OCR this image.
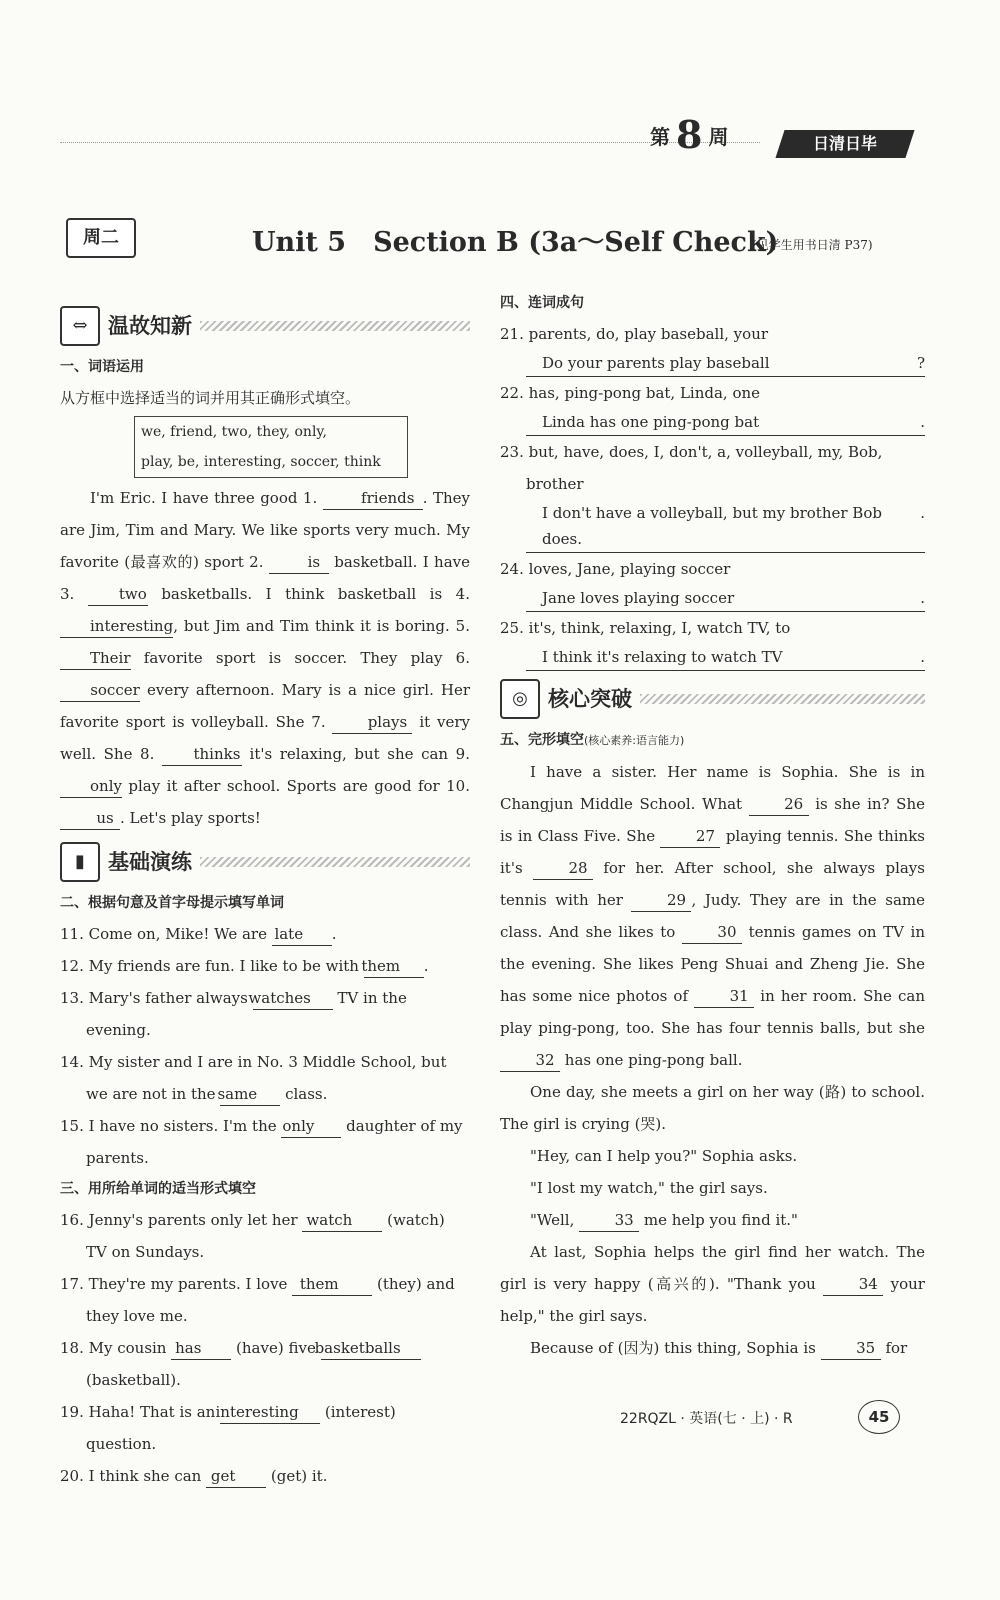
第 8 周	日清日毕
周二	Unit 5　Section B (3a～Self Check)
(见学生用书日清 P37)
⇔ 温故知新
一、词语运用

从方框中选择适当的词并用其正确形式填空。

we, friend, two, they, only,
play, be, interesting, soccer, think

I'm Eric. I have three good 1.	friends . They are Jim, Tim and Mary. We like sports very much. My favorite (最喜欢的) sport 2.	is basketball. I have 3.	two basketballs. I think basketball is 4. interesting, but Jim and Tim think it is boring. 5. Their favorite sport is soccer. They play 6. soccer every afternoon. Mary is a nice girl. Her favorite sport is volleyball. She 7.	plays it very well. She 8.	thinks it's relaxing, but she can 9. only play it after school. Sports are good for 10. us . Let's play sports!

▮	基础演练
二、根据句意及首字母提示填写单词

11. Come on, Mike! We are late .

12. My friends are fun. I like to be with them .

13. Mary's father always watches TV in the evening.

14. My sister and I are in No. 3 Middle School, but we are not in the same class.

15. I have no sisters. I'm the only daughter of my parents.

三、用所给单词的适当形式填空

16. Jenny's parents only let her watch (watch) TV on Sundays.

17. They're my parents. I love them	(they) and they love me.

18. My cousin has (have) five basketballs (basketball).

19. Haha! That is an interesting (interest) question.

20. I think she can get (get) it.

四、连词成句

21. parents, do, play baseball, your

Do your parents play baseball	?

22. has, ping-pong bat, Linda, one

Linda has one ping-pong bat	.

23. but, have, does, I, don't, a, volleyball, my, Bob, brother

I don't have a volleyball, but my brother Bob does.
.

24. loves, Jane, playing soccer

Jane loves playing soccer	.

25. it's, think, relaxing, I, watch TV, to

I think it's relaxing to watch TV	.
◎ 核心突破
五、完形填空(核心素养:语言能力)

I have a sister. Her name is Sophia. She is in Changjun Middle School. What	26 is she in? She is in Class Five. She	27 playing tennis. She thinks it's	28 for her. After school, she always plays tennis with her	29 , Judy. They are in the same class. And she likes to	30 tennis games on TV in the evening. She likes Peng Shuai and Zheng Jie. She has some nice photos of	31 in her room. She can play ping-pong, too. She has four tennis balls, but she 32 has one ping-pong ball.

One day, she meets a girl on her way (路) to school. The girl is crying (哭).

"Hey, can I help you?" Sophia asks.

"I lost my watch," the girl says.

"Well,	33 me help you find it."

At last, Sophia helps the girl find her watch. The girl is very happy (高兴的). "Thank you	34 your help," the girl says.

Because of (因为) this thing, Sophia is	35 for

22RQZL · 英语(七 · 上) · R	45
